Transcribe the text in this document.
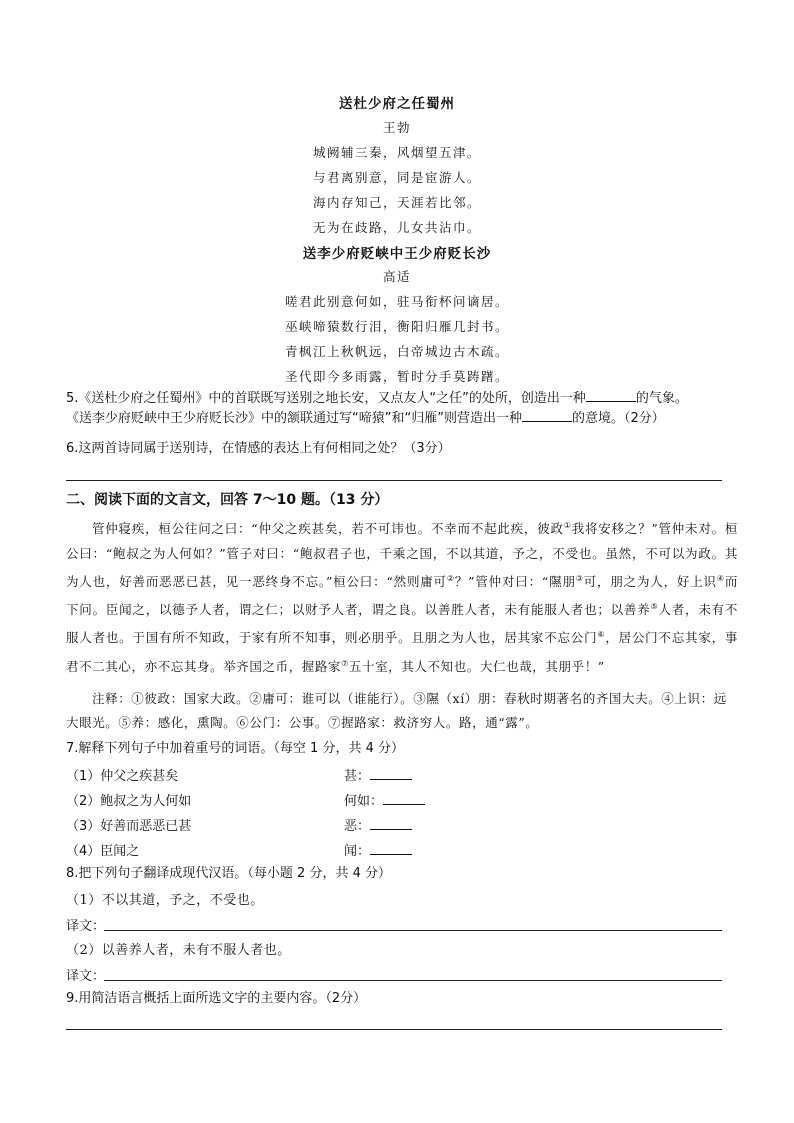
送杜少府之任蜀州
王勃
城阙辅三秦，风烟望五津。
与君离别意，同是宦游人。
海内存知己，天涯若比邻。
无为在歧路，儿女共沾巾。
送李少府贬峡中王少府贬长沙
高适
嗟君此别意何如，驻马衔杯问谪居。
巫峡啼猿数行泪，衡阳归雁几封书。
青枫江上秋帆远，白帝城边古木疏。
圣代即今多雨露，暂时分手莫踌躇。
5.《送杜少府之任蜀州》中的首联既写送别之地长安，又点友人“之任”的处所，创造出一种	的气象。
《送李少府贬峡中王少府贬长沙》中的颔联通过写“啼猿”和“归雁”则营造出一种	的意境。（2分）
6.这两首诗同属于送别诗，在情感的表达上有何相同之处？（3分）
二、阅读下面的文言文，回答 7～10 题。（13 分）
管仲寝疾，桓公往问之曰：“仲父之疾甚矣，若不可讳也。不幸而不起此疾，彼政①我将安移之？”管仲未对。桓公曰：“鲍叔之为人何如？”管子对曰：“鲍叔君子也，千乘之国，不以其道，予之，不受也。虽然，不可以为政。其为人也，好善而恶恶已甚，见一恶终身不忘。”桓公曰：“然则庸可②？”管仲对曰：“隰朋③可，朋之为人，好上识④而下问。臣闻之，以德予人者，谓之仁；以财予人者，谓之良。以善胜人者，未有能服人者也；以善养⑤人者，未有不服人者也。于国有所不知政，于家有所不知事，则必朋乎。且朋之为人也，居其家不忘公门⑥，居公门不忘其家，事君不二其心，亦不忘其身。举齐国之币，握路家⑦五十室，其人不知也。大仁也哉，其朋乎！”
注释：①彼政：国家大政。②庸可：谁可以（谁能行）。③隰（xí）朋：春秋时期著名的齐国大夫。④上识：远大眼光。⑤养：感化，熏陶。⑥公门：公事。⑦握路家：救济穷人。路，通“露”。
7.解释下列句子中加着重号的词语。（每空 1 分，共 4 分）
（1）仲父之疾甚矣	甚：
（2）鲍叔之为人何如	何如：
（3）好善而恶恶已甚	恶：
（4）臣闻之	闻：
8.把下列句子翻译成现代汉语。（每小题 2 分，共 4 分）
（1）不以其道，予之，不受也。
译文：
（2）以善养人者，未有不服人者也。
译文：
9.用简洁语言概括上面所选文字的主要内容。（2分）
